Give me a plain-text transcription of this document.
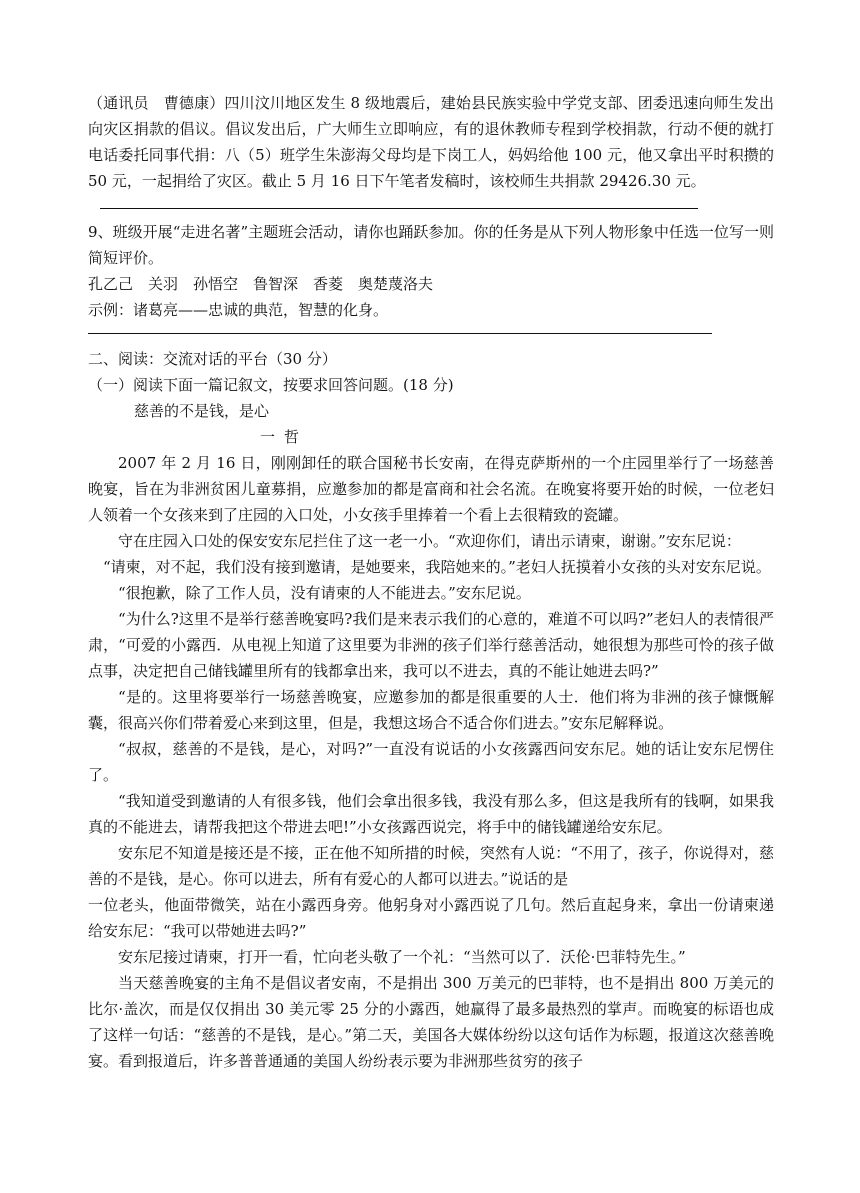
（通讯员　曹德康）四川汶川地区发生 8 级地震后，建始县民族实验中学党支部、团委迅速向师生发出向灾区捐款的倡议。倡议发出后，广大师生立即响应，有的退休教师专程到学校捐款，行动不便的就打电话委托同事代捐：八（5）班学生朱澎海父母均是下岗工人，妈妈给他 100 元，他又拿出平时积攒的 50 元，一起捐给了灾区。截止 5 月 16 日下午笔者发稿时，该校师生共捐款 29426.30 元。

9、班级开展“走进名著”主题班会活动，请你也踊跃参加。你的任务是从下列人物形象中任选一位写一则简短评价。

孔乙己　关羽　孙悟空　鲁智深　香菱　奥楚蔑洛夫

示例：诸葛亮——忠诚的典范，智慧的化身。

二、阅读：交流对话的平台（30 分）

（一）阅读下面一篇记叙文，按要求回答问题。(18 分)

慈善的不是钱，是心

一哲

2007 年 2 月 16 日，刚刚卸任的联合国秘书长安南，在得克萨斯州的一个庄园里举行了一场慈善晚宴，旨在为非洲贫困儿童募捐，应邀参加的都是富商和社会名流。在晚宴将要开始的时候，一位老妇人领着一个女孩来到了庄园的入口处，小女孩手里捧着一个看上去很精致的瓷罐。

守在庄园入口处的保安安东尼拦住了这一老一小。“欢迎你们，请出示请柬，谢谢。”安东尼说：

“请柬，对不起，我们没有接到邀请，是她要来，我陪她来的。”老妇人抚摸着小女孩的头对安东尼说。

“很抱歉，除了工作人员，没有请柬的人不能进去。”安东尼说。

“为什么?这里不是举行慈善晚宴吗?我们是来表示我们的心意的，难道不可以吗?”老妇人的表情很严肃，“可爱的小露西．从电视上知道了这里要为非洲的孩子们举行慈善活动，她很想为那些可怜的孩子做点事，决定把自己储钱罐里所有的钱都拿出来，我可以不进去，真的不能让她进去吗?”

“是的。这里将要举行一场慈善晚宴，应邀参加的都是很重要的人士．他们将为非洲的孩子慷慨解囊，很高兴你们带着爱心来到这里，但是，我想这场合不适合你们进去。”安东尼解释说。

“叔叔，慈善的不是钱，是心，对吗?”一直没有说话的小女孩露西问安东尼。她的话让安东尼愣住了。

“我知道受到邀请的人有很多钱，他们会拿出很多钱，我没有那么多，但这是我所有的钱啊，如果我真的不能进去，请帮我把这个带进去吧!”小女孩露西说完，将手中的储钱罐递给安东尼。

安东尼不知道是接还是不接，正在他不知所措的时候，突然有人说：“不用了，孩子，你说得对，慈善的不是钱，是心。你可以进去，所有有爱心的人都可以进去。”说话的是

一位老头，他面带微笑，站在小露西身旁。他躬身对小露西说了几句。然后直起身来，拿出一份请柬递给安东尼：“我可以带她进去吗?”

安东尼接过请柬，打开一看，忙向老头敬了一个礼：“当然可以了．沃伦·巴菲特先生。”

当天慈善晚宴的主角不是倡议者安南，不是捐出 300 万美元的巴菲特，也不是捐出 800 万美元的比尔·盖次，而是仅仅捐出 30 美元零 25 分的小露西，她赢得了最多最热烈的掌声。而晚宴的标语也成了这样一句话：“慈善的不是钱，是心。”第二天，美国各大媒体纷纷以这句话作为标题，报道这次慈善晚宴。看到报道后，许多普普通通的美国人纷纷表示要为非洲那些贫穷的孩子
